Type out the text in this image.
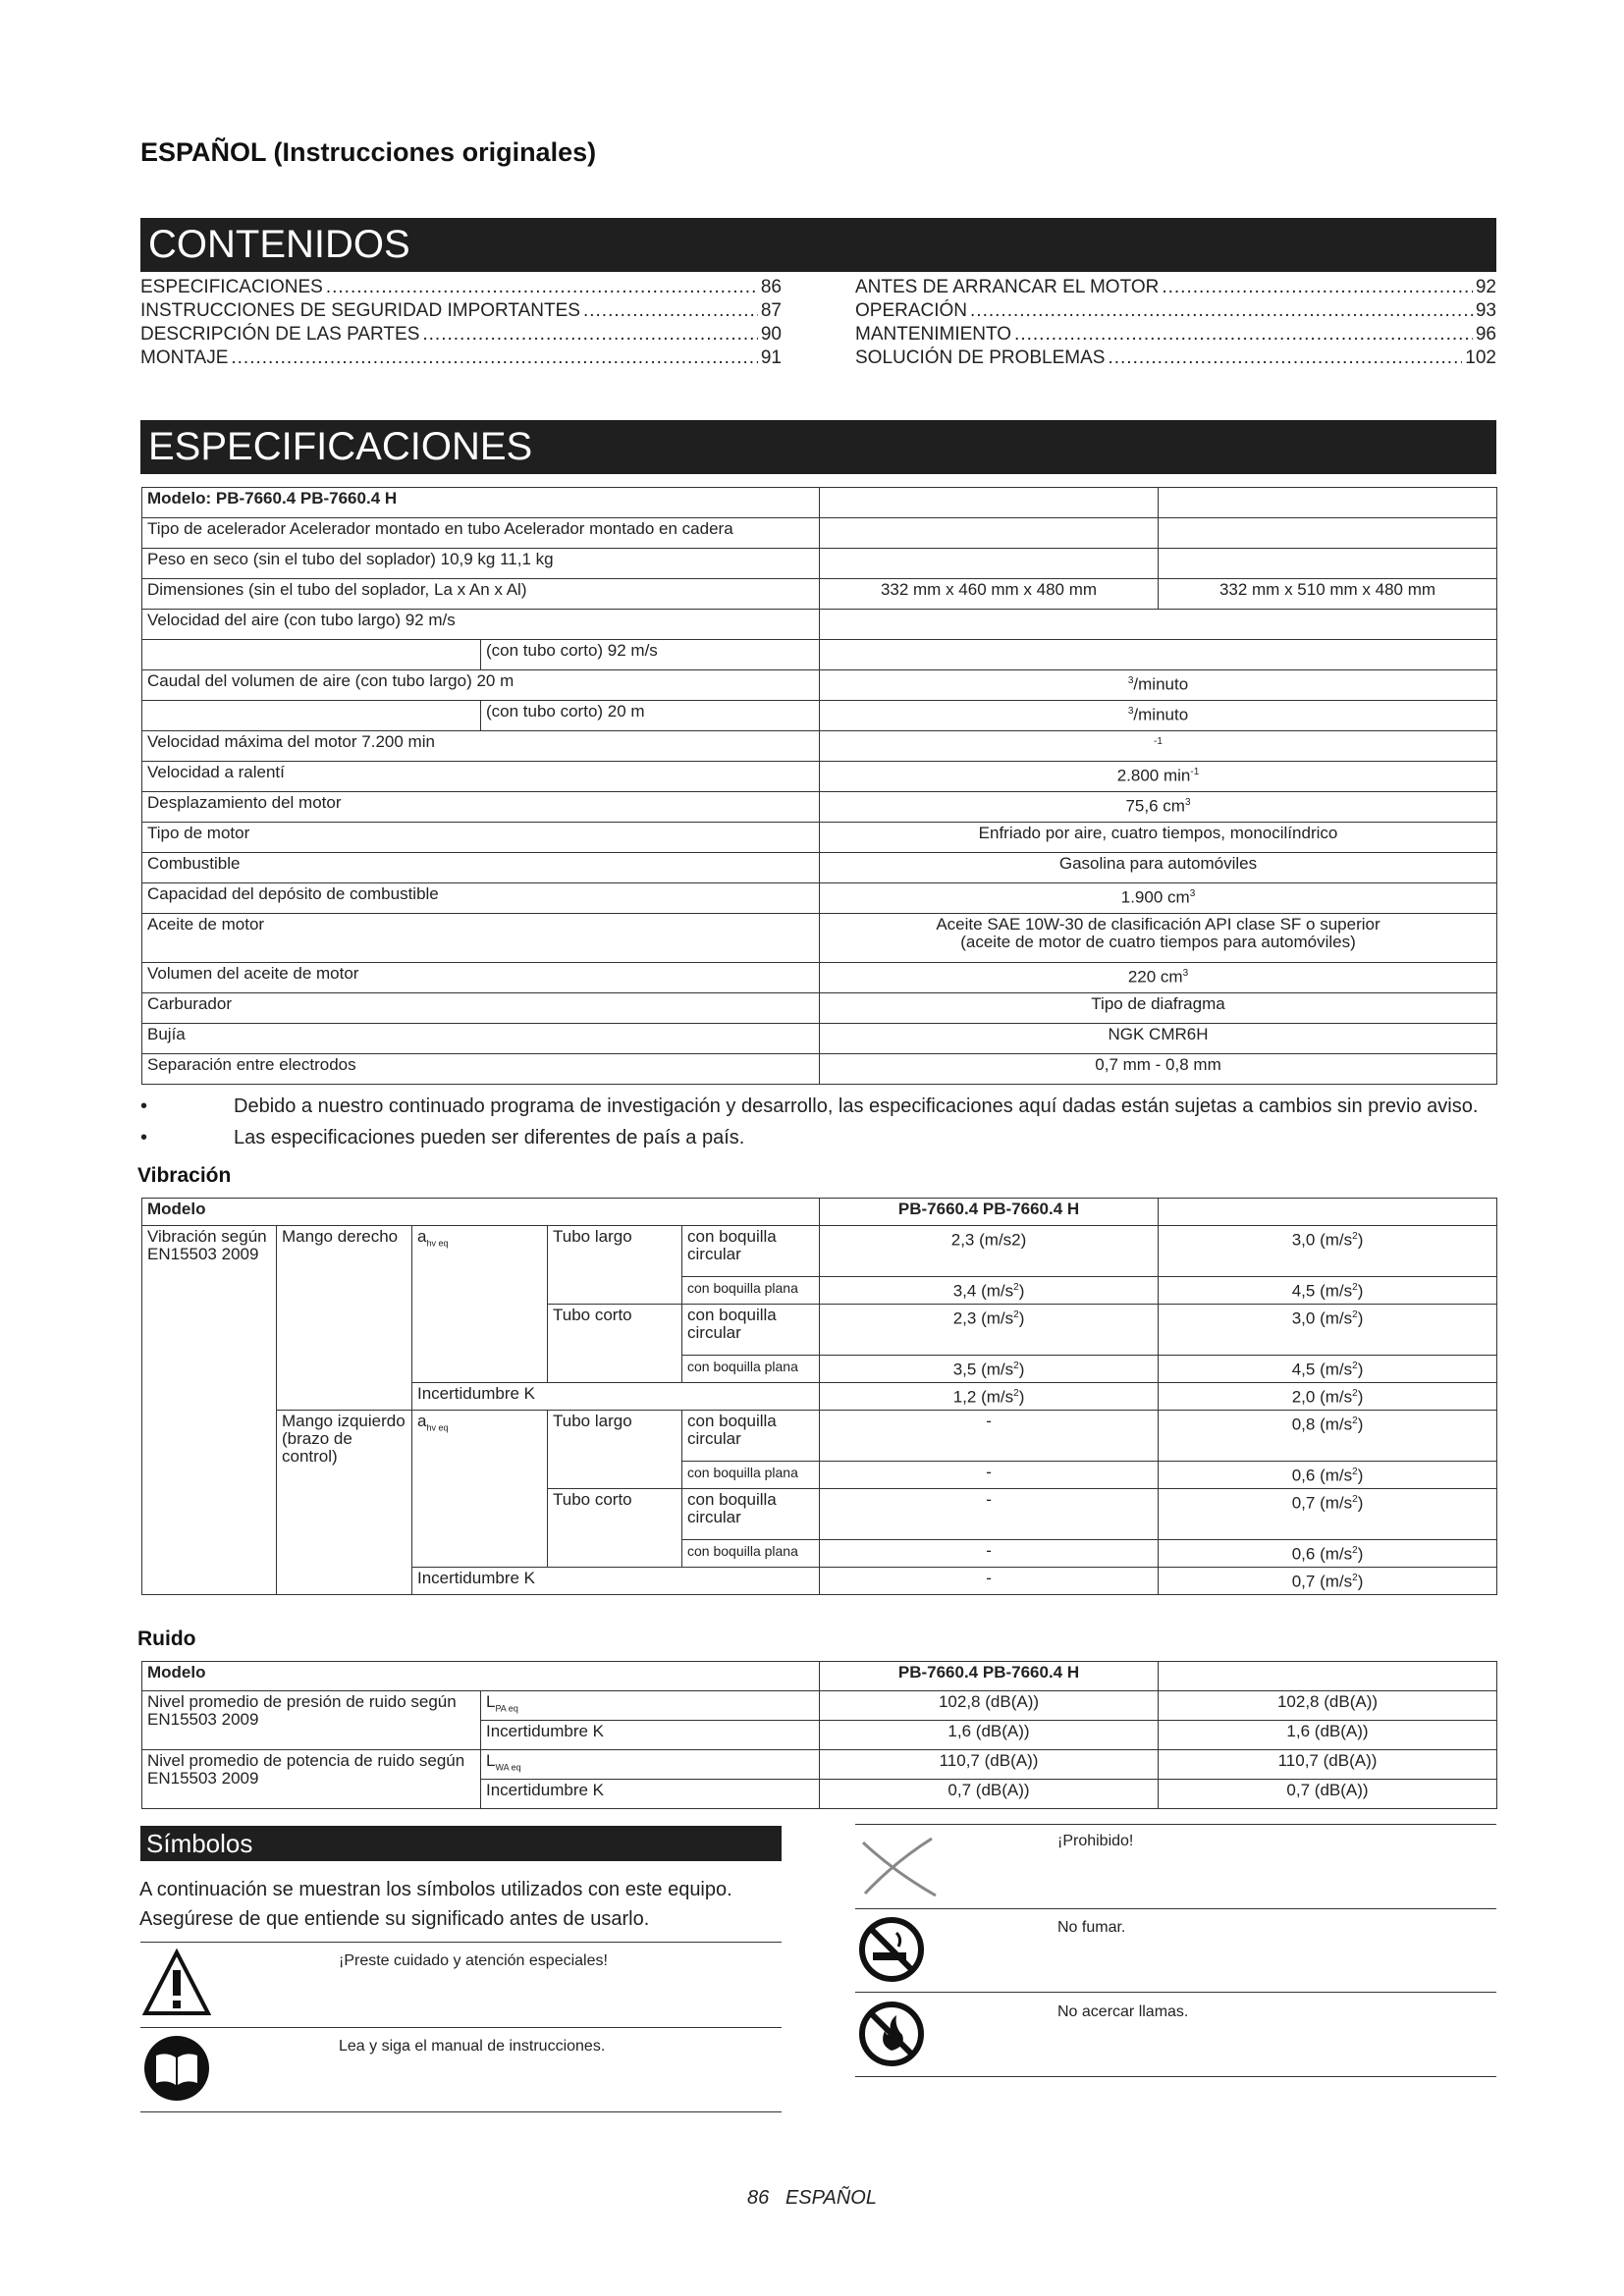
ESPAÑOL (Instrucciones originales)
CONTENIDOS
ESPECIFICACIONES .....	86
INSTRUCCIONES DE SEGURIDAD IMPORTANTES .....	87
DESCRIPCIÓN DE LAS PARTES .....	90
MONTAJE .....	91
ANTES DE ARRANCAR EL MOTOR .....	92
OPERACIÓN .....	93
MANTENIMIENTO .....	96
SOLUCIÓN DE PROBLEMAS .....	102
ESPECIFICACIONES
Modelo: PB-7660.4 PB-7660.4 H			
Tipo de acelerador Acelerador montado en tubo Acelerador montado en cadera			
Peso en seco (sin el tubo del soplador) 10,9 kg 11,1 kg			
Dimensiones (sin el tubo del soplador, La x An x Al)		332 mm x 460 mm x 480 mm	332 mm x 510 mm x 480 mm
Velocidad del aire (con tubo largo) 92 m/s			
	(con tubo corto) 92 m/s		
Caudal del volumen de aire (con tubo largo) 20 m		$^3$/minuto	
	(con tubo corto) 20 m	$^3$/minuto	
Velocidad máxima del motor 7.200 min		$^{-1}$
Velocidad a ralentí		2.800 $\min^{-1}$
Desplazamiento del motor		75,6 $cm^3$
Tipo de motor		Enfriado por aire, cuatro tiempos, monocilíndrico	
Combustible		Gasolina para automóviles	
Capacidad del depósito de combustible		1.900 $cm^3$
Aceite de motor		Aceite SAE 10W-30 de clasificación API clase SF o superior
(aceite de motor de cuatro tiempos para automóviles)	

Volumen del aceite de motor		220 $cm^3$
Carburador		Tipo de diafragma	
Bujía		NGK CMR6H	
Separación entre electrodos		0,7 mm - 0,8 mm	
•	Debido a nuestro continuado programa de investigación y desarrollo, las especificaciones aquí dadas están sujetas a cambios sin previo aviso.
•	Las especificaciones pueden ser diferentes de país a país.
Vibración
Modelo					PB-7660.4 PB-7660.4 H	
Vibración según EN15503 2009	Mango derecho	$a_{hv eq}$	Tubo largo	con boquilla circular	2,3 (m/s2)	3,0 $(m/s^2)$
				con boquilla plana	3,4 $(m/s^2)$	4,5 $(m/s^2)$
			Tubo corto	con boquilla circular	2,3 $(m/s^2)$	3,0 $(m/s^2)$
				con boquilla plana	3,5 $(m/s^2)$	4,5 $(m/s^2)$
		Incertidumbre K			1,2 $(m/s^2)$	2,0 $(m/s^2)$
	Mango izquierdo (brazo de control)	$a_{hv eq}$	Tubo largo	con boquilla circular	-	0,8 $(m/s^2)$
				con boquilla plana	-	0,6 $(m/s^2)$
			Tubo corto	con boquilla circular	-	0,7 $(m/s^2)$
				con boquilla plana	-	0,6 $(m/s^2)$
		Incertidumbre K			-	0,7 $(m/s^2)$
Ruido
Modelo		PB-7660.4 PB-7660.4 H	
Nivel promedio de presión de ruido según EN15503 2009	$L_{PA eq}$	102,8 (dB(A))	102,8 (dB(A))
	Incertidumbre K	1,6 (dB(A))	1,6 (dB(A))
Nivel promedio de potencia de ruido según EN15503 2009	$L_{WA eq}$	110,7 (dB(A))	110,7 (dB(A))
	Incertidumbre K	0,7 (dB(A))	0,7 (dB(A))
Símbolos
A continuación se muestran los símbolos utilizados con este equipo.
Asegúrese de que entiende su significado antes de usarlo.
¡Preste cuidado y atención especiales!
Lea y siga el manual de instrucciones.
¡Prohibido!
No fumar.
No acercar llamas.
86 ESPAÑOL
